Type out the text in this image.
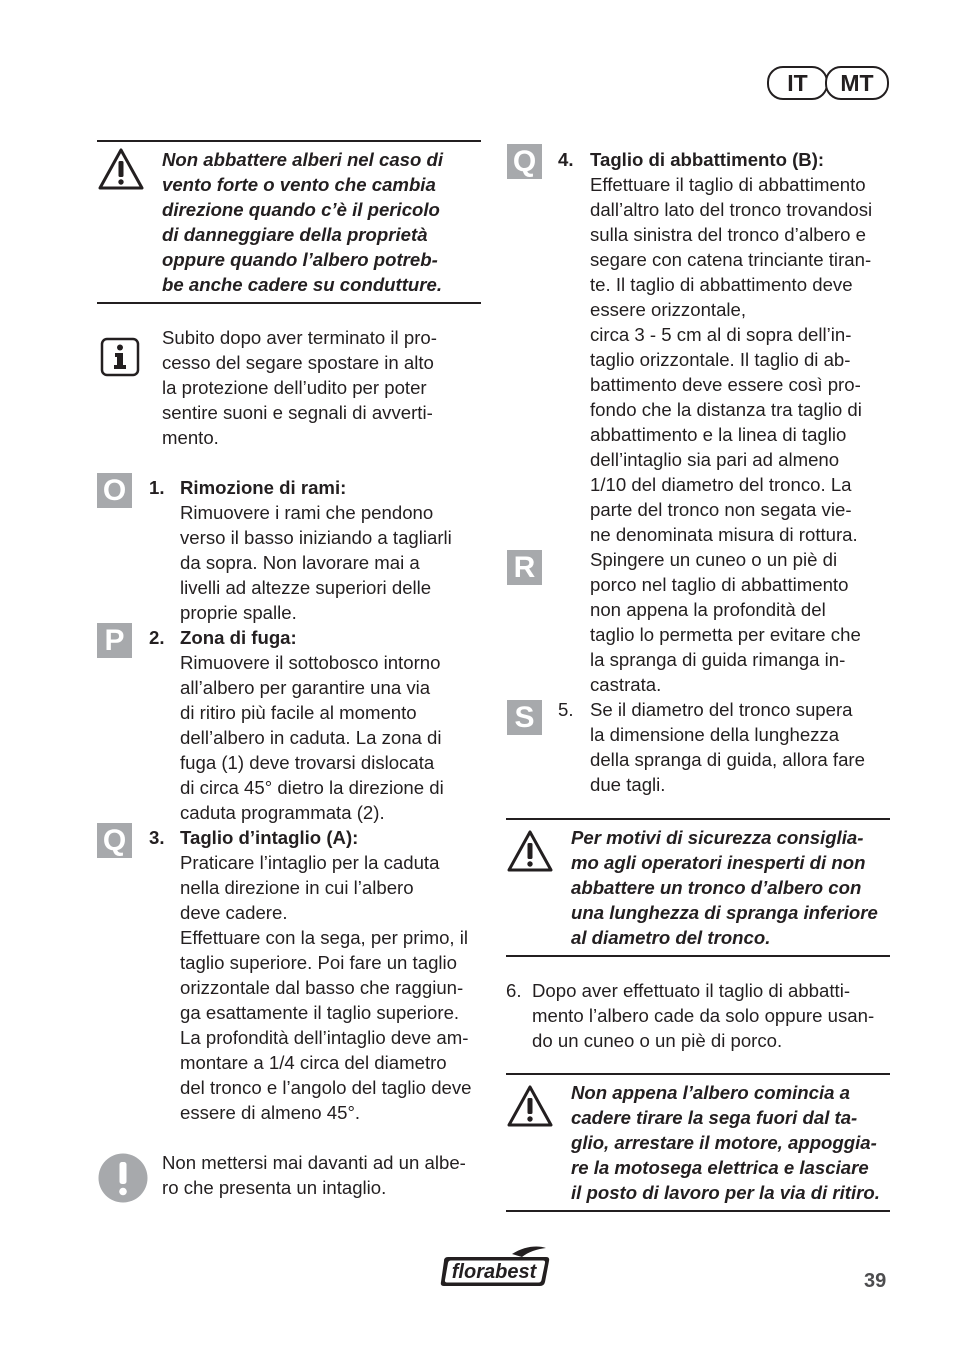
IT	MT
Non abbattere alberi nel caso di
vento forte o vento che cambia
direzione quando c’è il pericolo
di danneggiare della proprietà
oppure quando l’albero potreb-
be anche cadere su condutture.
Subito dopo aver terminato il pro-
cesso del segare spostare in alto
la protezione dell’udito per poter
sentire suoni e segnali di avverti-
mento.
O	1. Rimozione di rami:
Rimuovere i rami che pendono
verso il basso iniziando a tagliarli
da sopra. Non lavorare mai a
livelli ad altezze superiori delle
proprie spalle.
P	2. Zona di fuga:
Rimuovere il sottobosco intorno
all’albero per garantire una via
di ritiro più facile al momento
dell’albero in caduta. La zona di
fuga (1) deve trovarsi dislocata
di circa 45° dietro la direzione di
caduta programmata (2).
Q	3. Taglio d’intaglio (A):
Praticare l’intaglio per la caduta
nella direzione in cui l’albero
deve cadere.
Effettuare con la sega, per primo, il
taglio superiore. Poi fare un taglio
orizzontale dal basso che raggiun-
ga esattamente il taglio superiore.
La profondità dell’intaglio deve am-
montare a 1/4 circa del diametro
del tronco e l’angolo del taglio deve
essere di almeno 45°.
Non mettersi mai davanti ad un albe-
ro che presenta un intaglio.
Q
R
4. Taglio di abbattimento (B):
Effettuare il taglio di abbattimento
dall’altro lato del tronco trovandosi
sulla sinistra del tronco d’albero e
segare con catena trinciante tiran-
te. Il taglio di abbattimento deve
essere orizzontale,
circa 3 - 5 cm al di sopra dell’in-
taglio orizzontale. Il taglio di ab-
battimento deve essere così pro-
fondo che la distanza tra taglio di
abbattimento e la linea di taglio
dell’intaglio sia pari ad almeno
1/10 del diametro del tronco. La
parte del tronco non segata vie-
ne denominata misura di rottura.
Spingere un cuneo o un piè di
porco nel taglio di abbattimento
non appena la profondità del
taglio lo permetta per evitare che
la spranga di guida rimanga in-
castrata.
S	5. Se il diametro del tronco supera
la dimensione della lunghezza
della spranga di guida, allora fare
due tagli.
Per motivi di sicurezza consiglia-
mo agli operatori inesperti di non
abbattere un tronco d’albero con
una lunghezza di spranga inferiore
al diametro del tronco.
6. Dopo aver effettuato il taglio di abbatti-
mento l’albero cade da solo oppure usan-
do un cuneo o un piè di porco.
Non appena l’albero comincia a
cadere tirare la sega fuori dal ta-
glio, arrestare il motore, appoggia-
re la motosega elettrica e lasciare
il posto di lavoro per la via di ritiro.
florabest	39
